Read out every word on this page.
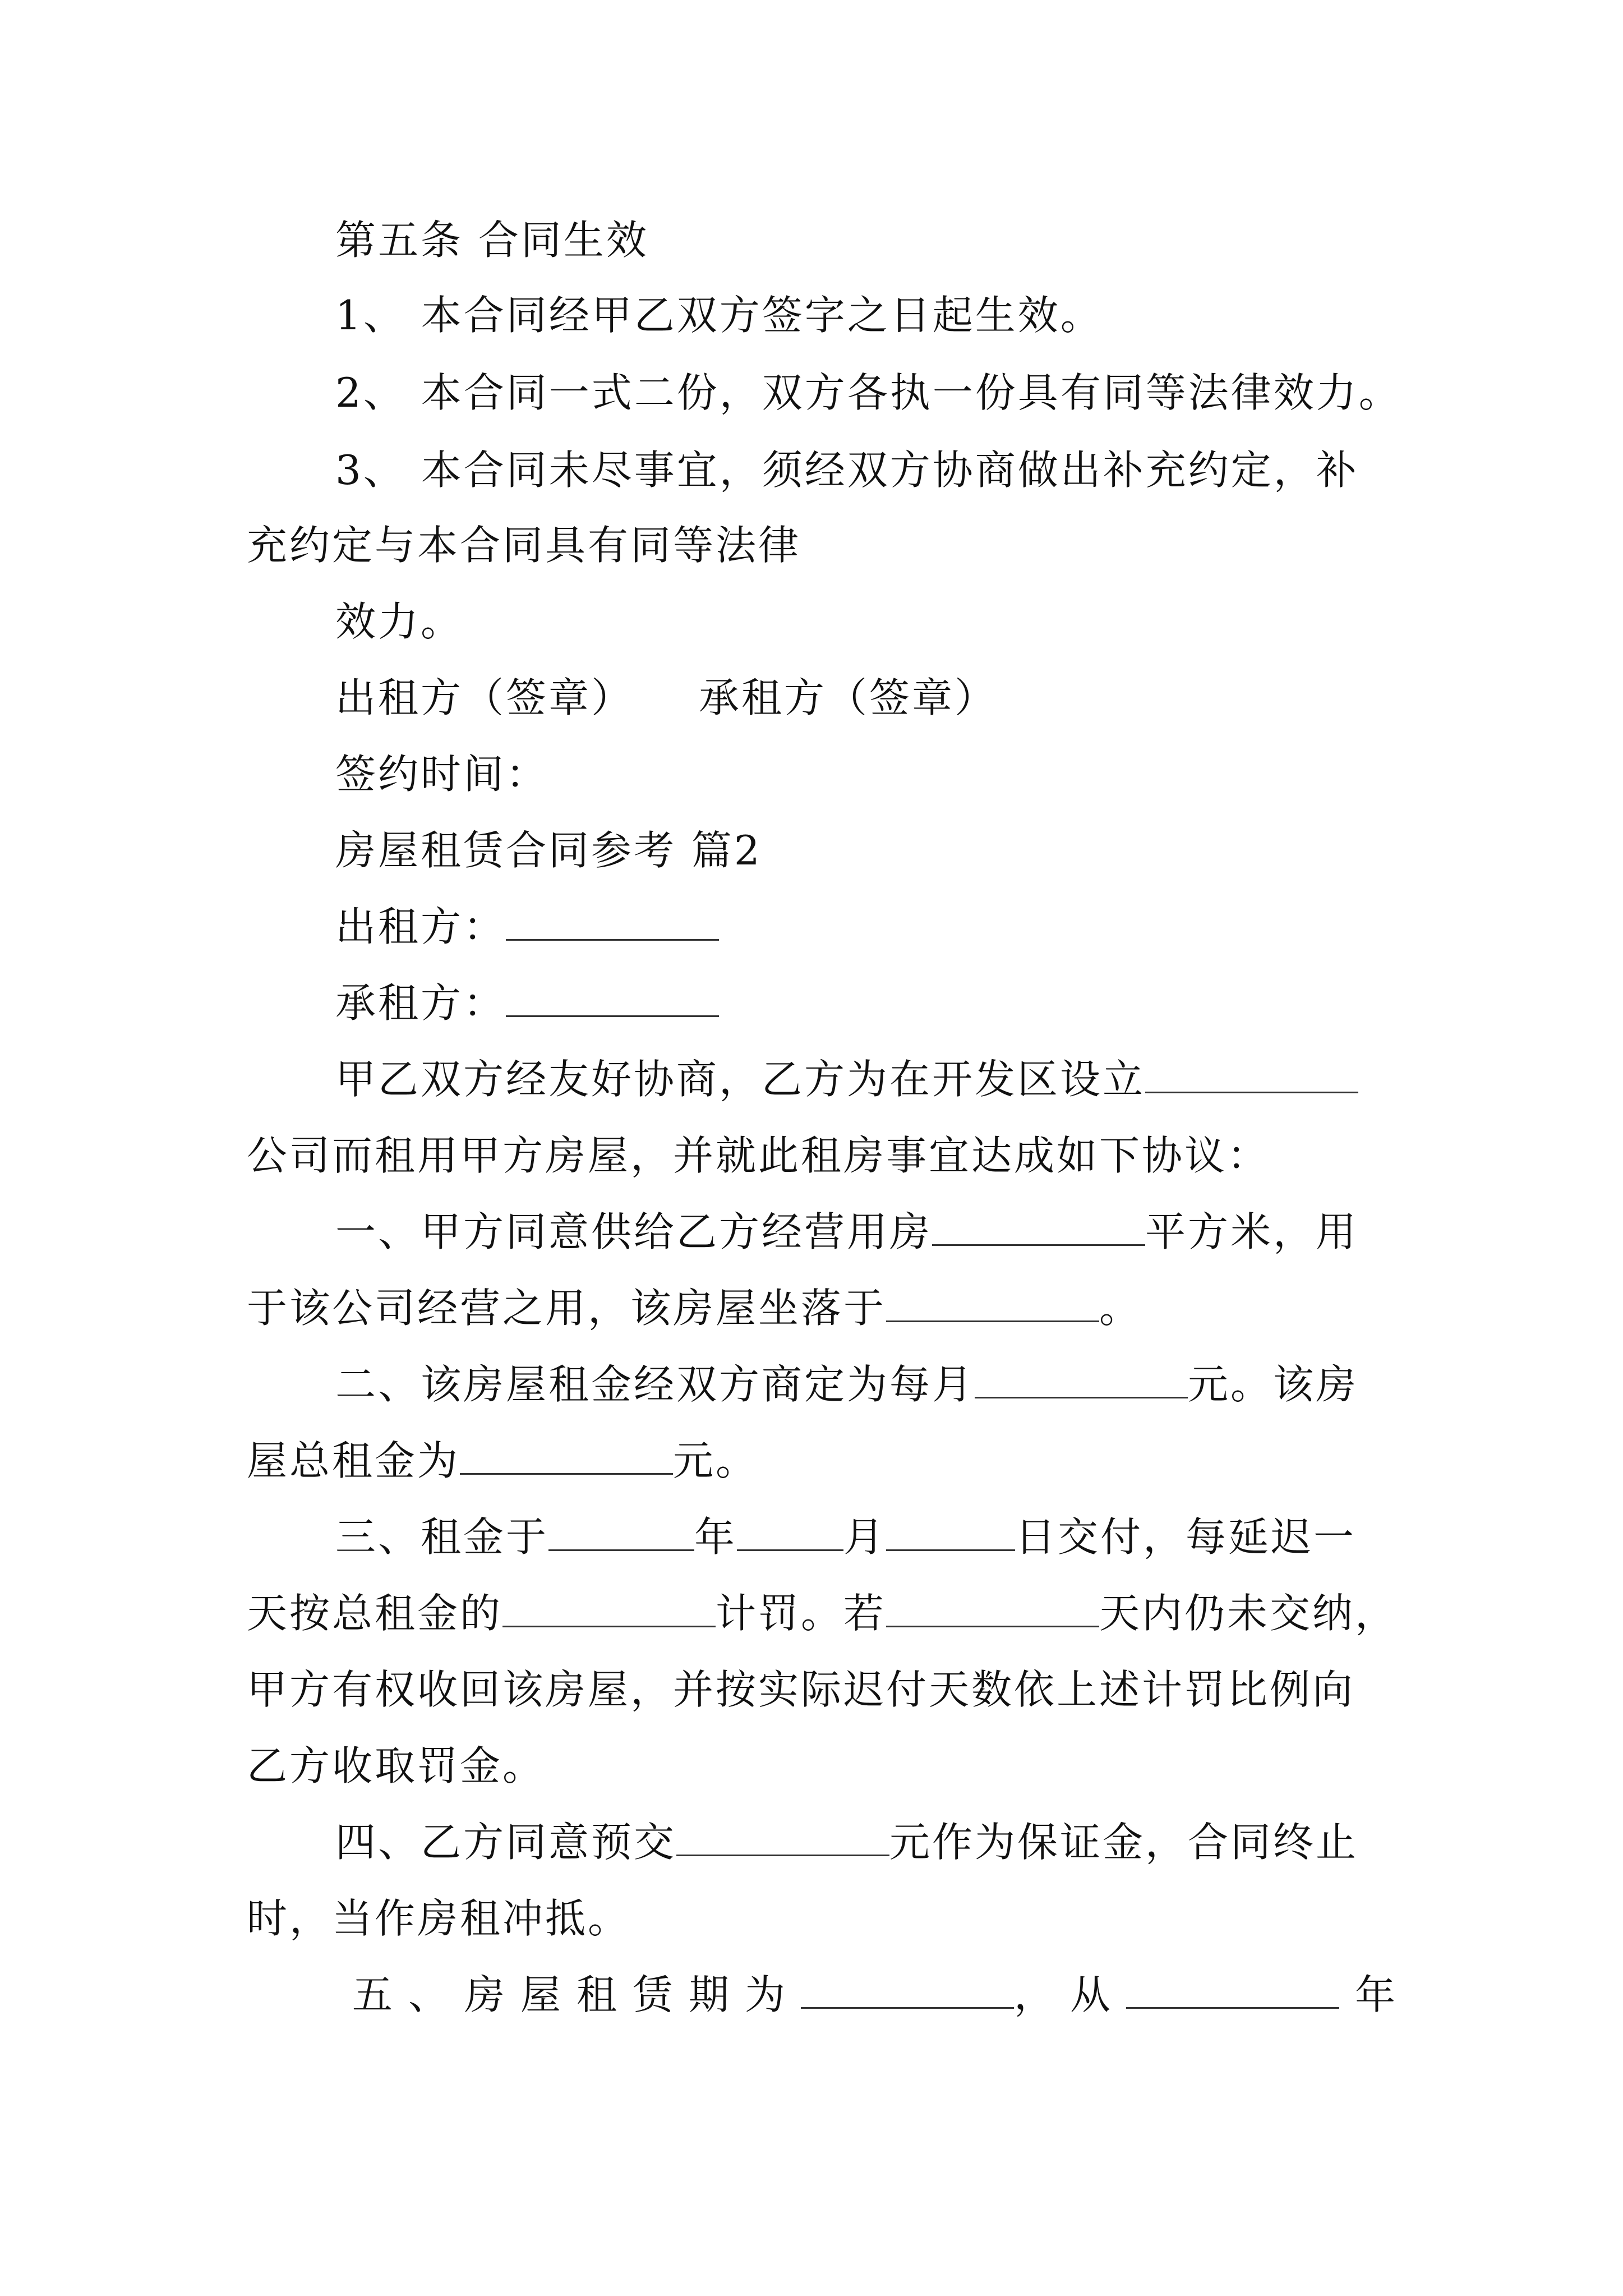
第五条 合同生效
1、 本合同经甲乙双方签字之日起生效。
2、 本合同一式二份，双方各执一份具有同等法律效力。
3、 本合同未尽事宜，须经双方协商做出补充约定，补
充约定与本合同具有同等法律
效力。
出租方（签章）　　承租方（签章）
签约时间：
房屋租赁合同参考 篇2
出租方：
承租方：
甲乙双方经友好协商，乙方为在开发区设立
公司而租用甲方房屋，并就此租房事宜达成如下协议：
一、甲方同意供给乙方经营用房	平方米，用
于该公司经营之用，该房屋坐落于	。
二、该房屋租金经双方商定为每月	元。该房
屋总租金为	元。
三、租金于	年	月	日交付，每延迟一
天按总租金的	计罚。若	天内仍未交纳，
甲方有权收回该房屋，并按实际迟付天数依上述计罚比例向
乙方收取罚金。
四、乙方同意预交	元作为保证金，合同终止
时，当作房租冲抵。
五、房屋租赁期为	，从	年
